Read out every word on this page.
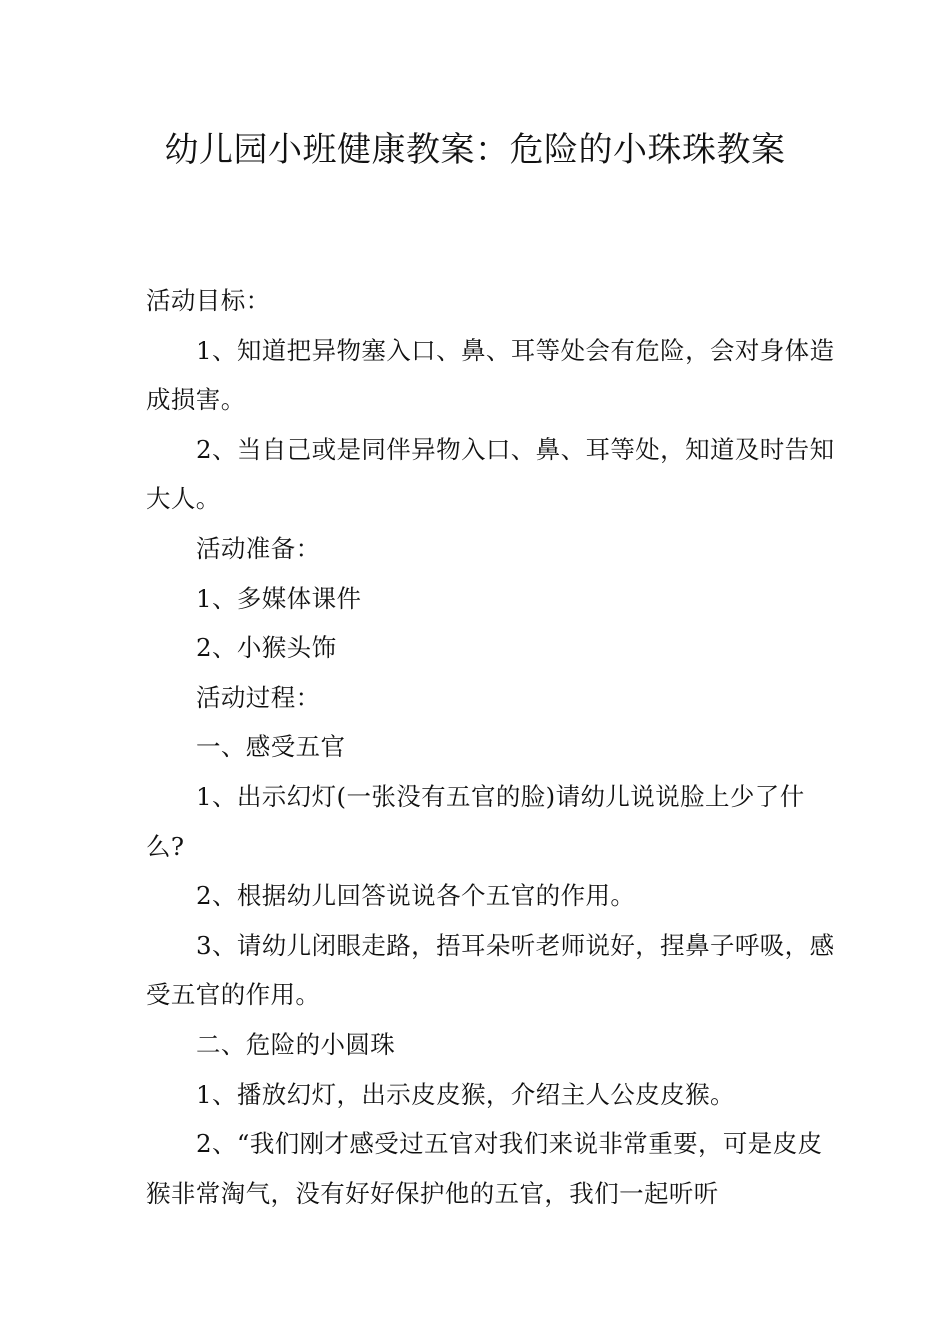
幼儿园小班健康教案：危险的小珠珠教案

活动目标：

1、知道把异物塞入口、鼻、耳等处会有危险，会对身体造成损害。

2、当自己或是同伴异物入口、鼻、耳等处，知道及时告知大人。

活动准备：

1、多媒体课件

2、小猴头饰

活动过程：

一、感受五官

1、出示幻灯(一张没有五官的脸)请幼儿说说脸上少了什么?

2、根据幼儿回答说说各个五官的作用。

3、请幼儿闭眼走路，捂耳朵听老师说好，捏鼻子呼吸，感受五官的作用。

二、危险的小圆珠

1、播放幻灯，出示皮皮猴，介绍主人公皮皮猴。

2、“我们刚才感受过五官对我们来说非常重要，可是皮皮猴非常淘气，没有好好保护他的五官，我们一起听听
